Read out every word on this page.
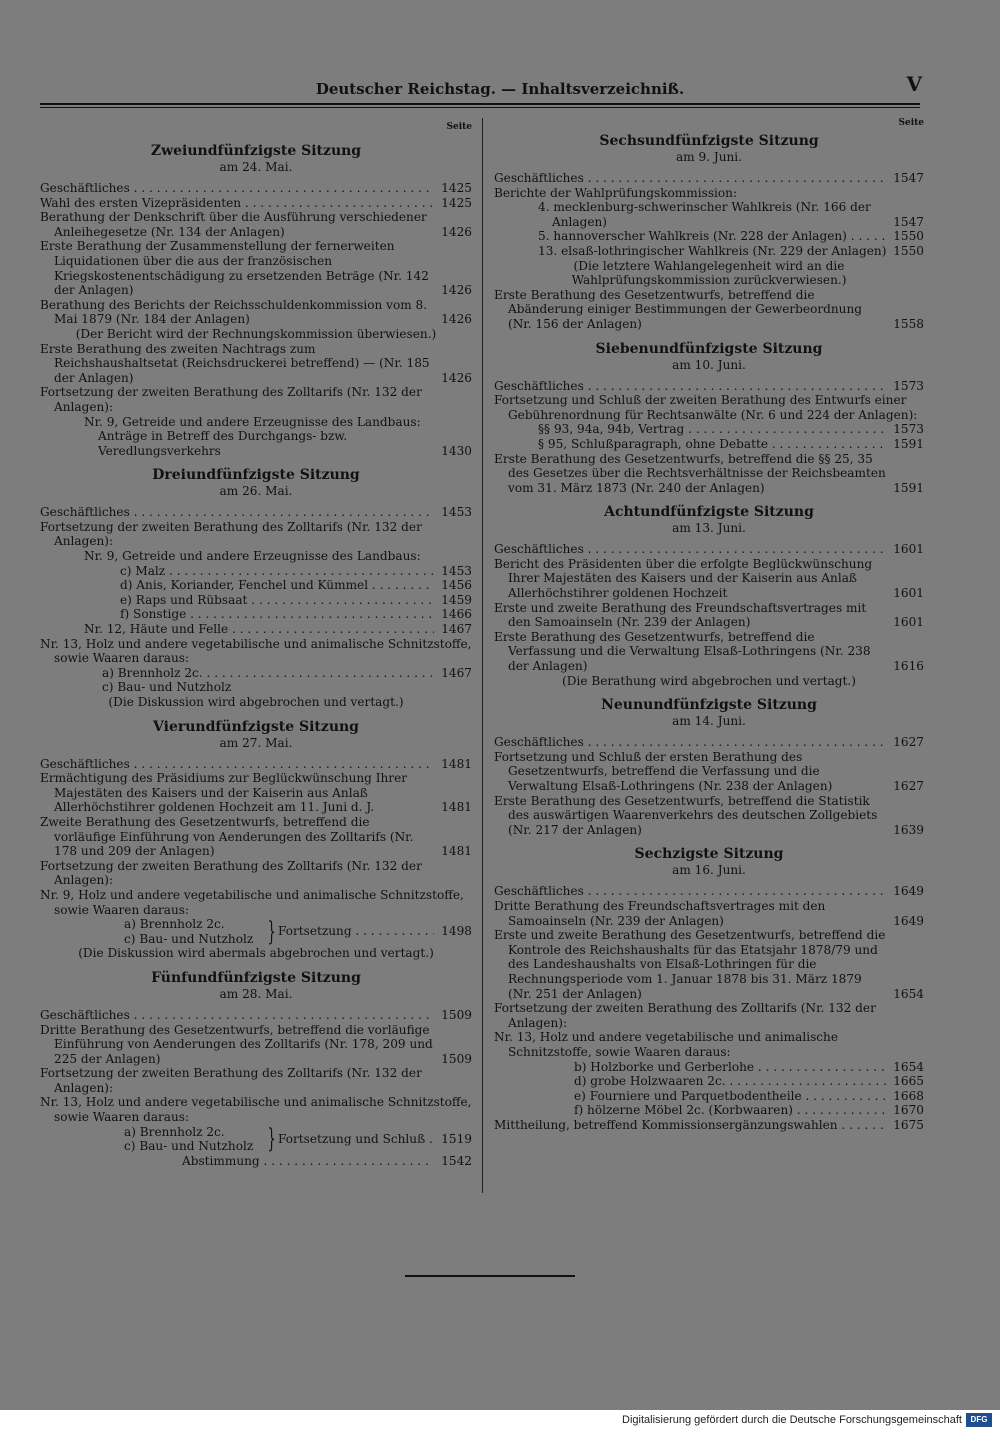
Deutscher Reichstag. — Inhaltsverzeichniß.	V
Seite
Zweiundfünfzigste Sitzung
am 24. Mai.
Geschäftliches . . .	1425
Wahl des ersten Vizepräsidenten . . .	1425
Berathung der Denkschrift über die Ausführung verschiedener Anleihegesetze (Nr. 134 der Anlagen)	1426
Erste Berathung der Zusammenstellung der fernerweiten Liquidationen über die aus der französischen Kriegskostenentschädigung zu ersetzenden Beträge (Nr. 142 der Anlagen)	1426
Berathung des Berichts der Reichsschuldenkommission vom 8. Mai 1879 (Nr. 184 der Anlagen)	1426
(Der Bericht wird der Rechnungskommission überwiesen.)
Erste Berathung des zweiten Nachtrags zum Reichshaushaltsetat (Reichsdruckerei betreffend) — (Nr. 185 der Anlagen)	1426
Fortsetzung der zweiten Berathung des Zolltarifs (Nr. 132 der Anlagen):
Nr. 9, Getreide und andere Erzeugnisse des Landbaus: Anträge in Betreff des Durchgangs- bzw. Veredlungsverkehrs	1430
Dreiundfünfzigste Sitzung
am 26. Mai.
Geschäftliches . . .	1453
Fortsetzung der zweiten Berathung des Zolltarifs (Nr. 132 der Anlagen):
Nr. 9, Getreide und andere Erzeugnisse des Landbaus:
c) Malz . . .	1453
d) Anis, Koriander, Fenchel und Kümmel . . .	1456
e) Raps und Rübsaat . . .	1459
f) Sonstige . . .	1466
Nr. 12, Häute und Felle . . .	1467
Nr. 13, Holz und andere vegetabilische und animalische Schnitzstoffe, sowie Waaren daraus:
a) Brennholz 2c. . . .	1467
c) Bau- und Nutzholz
(Die Diskussion wird abgebrochen und vertagt.)
Vierundfünfzigste Sitzung
am 27. Mai.
Geschäftliches . . .	1481
Ermächtigung des Präsidiums zur Beglückwünschung Ihrer Majestäten des Kaisers und der Kaiserin aus Anlaß Allerhöchstihrer goldenen Hochzeit am 11. Juni d. J.	1481
Zweite Berathung des Gesetzentwurfs, betreffend die vorläufige Einführung von Aenderungen des Zolltarifs (Nr. 178 und 209 der Anlagen)	1481
Fortsetzung der zweiten Berathung des Zolltarifs (Nr. 132 der Anlagen):
Nr. 9, Holz und andere vegetabilische und animalische Schnitzstoffe, sowie Waaren daraus:
a) Brennholz 2c.
c) Bau- und Nutzholz } Fortsetzung . . .	1498
(Die Diskussion wird abermals abgebrochen und vertagt.)
Fünfundfünfzigste Sitzung
am 28. Mai.
Geschäftliches . . .	1509
Dritte Berathung des Gesetzentwurfs, betreffend die vorläufige Einführung von Aenderungen des Zolltarifs (Nr. 178, 209 und 225 der Anlagen)	1509
Fortsetzung der zweiten Berathung des Zolltarifs (Nr. 132 der Anlagen):
Nr. 13, Holz und andere vegetabilische und animalische Schnitzstoffe, sowie Waaren daraus:
a) Brennholz 2c.
c) Bau- und Nutzholz } Fortsetzung und Schluß . . .	1519
Abstimmung . . .	1542
Seite
Sechsundfünfzigste Sitzung
am 9. Juni.
Geschäftliches . . .	1547
Berichte der Wahlprüfungskommission:
4. mecklenburg-schwerinscher Wahlkreis (Nr. 166 der Anlagen)	1547
5. hannoverscher Wahlkreis (Nr. 228 der Anlagen) . . .	1550
13. elsaß-lothringischer Wahlkreis (Nr. 229 der Anlagen) . . . 1550
(Die letztere Wahlangelegenheit wird an die Wahlprüfungskommission zurückverwiesen.)
Erste Berathung des Gesetzentwurfs, betreffend die Abänderung einiger Bestimmungen der Gewerbeordnung (Nr. 156 der Anlagen)	1558
Siebenundfünfzigste Sitzung
am 10. Juni.
Geschäftliches . . .	1573
Fortsetzung und Schluß der zweiten Berathung des Entwurfs einer Gebührenordnung für Rechtsanwälte (Nr. 6 und 224 der Anlagen):
§§ 93, 94a, 94b, Vertrag . . .	1573
§ 95, Schlußparagraph, ohne Debatte . . .	1591
Erste Berathung des Gesetzentwurfs, betreffend die §§ 25, 35 des Gesetzes über die Rechtsverhältnisse der Reichsbeamten vom 31. März 1873 (Nr. 240 der Anlagen)	1591
Achtundfünfzigste Sitzung
am 13. Juni.
Geschäftliches . . .	1601
Bericht des Präsidenten über die erfolgte Beglückwünschung Ihrer Majestäten des Kaisers und der Kaiserin aus Anlaß Allerhöchstihrer goldenen Hochzeit	1601
Erste und zweite Berathung des Freundschaftsvertrages mit den Samoainseln (Nr. 239 der Anlagen)	1601
Erste Berathung des Gesetzentwurfs, betreffend die Verfassung und die Verwaltung Elsaß-Lothringens (Nr. 238 der Anlagen)	1616
(Die Berathung wird abgebrochen und vertagt.)
Neunundfünfzigste Sitzung
am 14. Juni.
Geschäftliches . . .	1627
Fortsetzung und Schluß der ersten Berathung des Gesetzentwurfs, betreffend die Verfassung und die Verwaltung Elsaß-Lothringens (Nr. 238 der Anlagen)	1627
Erste Berathung des Gesetzentwurfs, betreffend die Statistik des auswärtigen Waarenverkehrs des deutschen Zollgebiets (Nr. 217 der Anlagen)	1639
Sechzigste Sitzung
am 16. Juni.
Geschäftliches . . .	1649
Dritte Berathung des Freundschaftsvertrages mit den Samoainseln (Nr. 239 der Anlagen)	1649
Erste und zweite Berathung des Gesetzentwurfs, betreffend die Kontrole des Reichshaushalts für das Etatsjahr 1878/79 und des Landeshaushalts von Elsaß-Lothringen für die Rechnungsperiode vom 1. Januar 1878 bis 31. März 1879 (Nr. 251 der Anlagen)	1654
Fortsetzung der zweiten Berathung des Zolltarifs (Nr. 132 der Anlagen):
Nr. 13, Holz und andere vegetabilische und animalische Schnitzstoffe, sowie Waaren daraus:
b) Holzborke und Gerberlohe . . .	1654
d) grobe Holzwaaren 2c. . . .	1665
e) Fourniere und Parquetbodentheile . . .	1668
f) hölzerne Möbel 2c. (Korbwaaren) . . .	1670
Mittheilung, betreffend Kommissionsergänzungswahlen . . .	1675
Digitalisierung gefördert durch die Deutsche Forschungsgemeinschaft	DFG
